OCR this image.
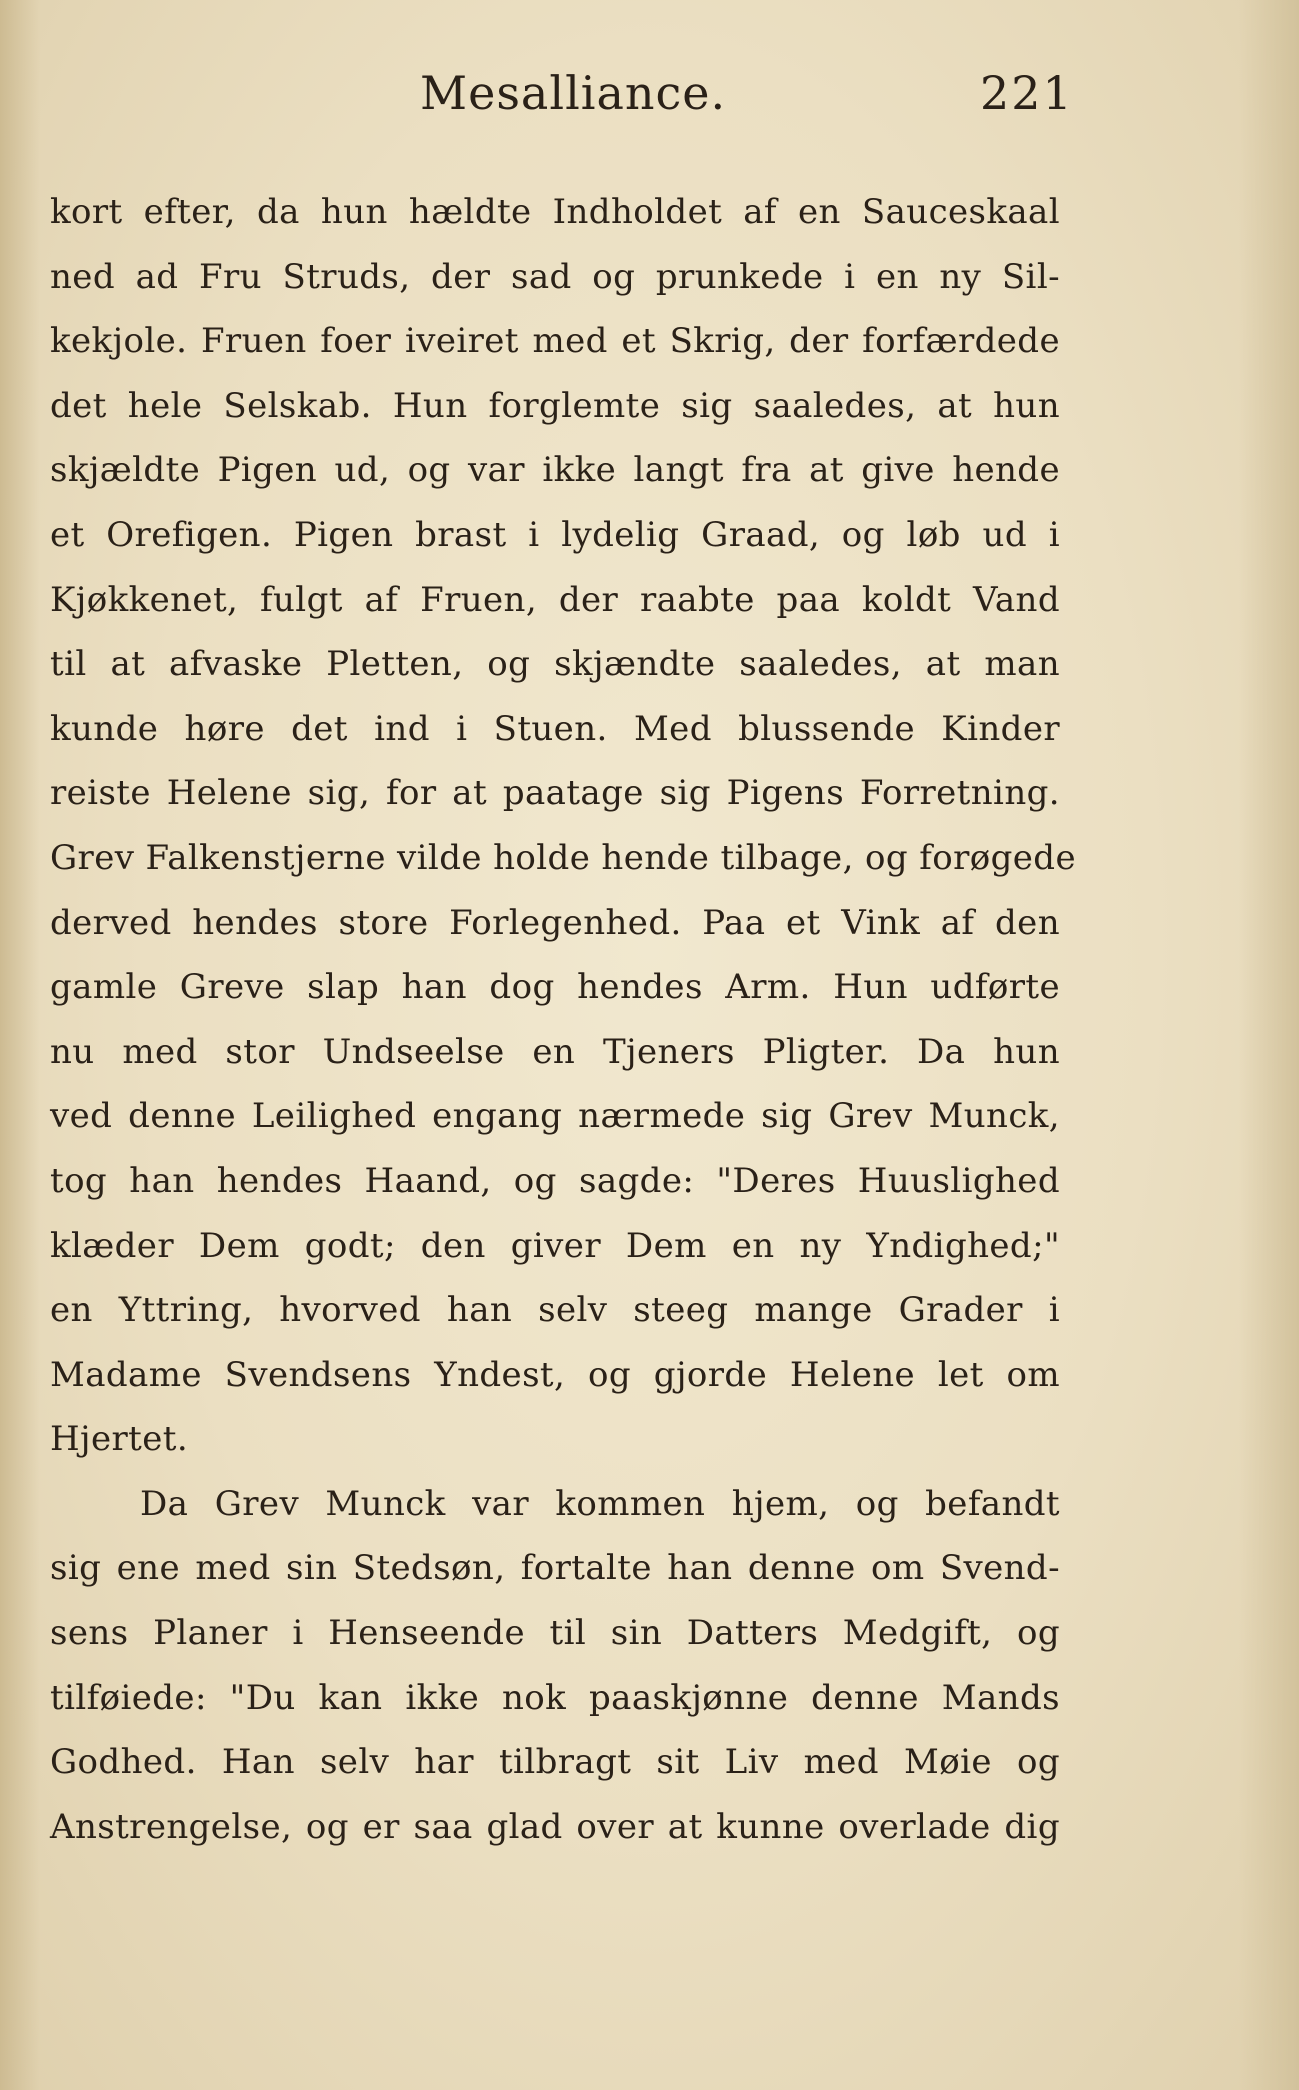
Mesalliance.	221
kort efter, da hun hældte Indholdet af en Sauceskaal
ned ad Fru Struds, der sad og prunkede i en ny Sil-
kekjole. Fruen foer iveiret med et Skrig, der forfærdede
det hele Selskab. Hun forglemte sig saaledes, at hun
skjældte Pigen ud, og var ikke langt fra at give hende
et Orefigen. Pigen brast i lydelig Graad, og løb ud i
Kjøkkenet, fulgt af Fruen, der raabte paa koldt Vand
til at afvaske Pletten, og skjændte saaledes, at man
kunde høre det ind i Stuen. Med blussende Kinder
reiste Helene sig, for at paatage sig Pigens Forretning.
Grev Falkenstjerne vilde holde hende tilbage, og forøgede
derved hendes store Forlegenhed. Paa et Vink af den
gamle Greve slap han dog hendes Arm. Hun udførte
nu med stor Undseelse en Tjeners Pligter. Da hun
ved denne Leilighed engang nærmede sig Grev Munck,
tog han hendes Haand, og sagde: "Deres Huuslighed
klæder Dem godt; den giver Dem en ny Yndighed;"
en Yttring, hvorved han selv steeg mange Grader i
Madame Svendsens Yndest, og gjorde Helene let om
Hjertet.
Da Grev Munck var kommen hjem, og befandt
sig ene med sin Stedsøn, fortalte han denne om Svend-
sens Planer i Henseende til sin Datters Medgift, og
tilføiede: "Du kan ikke nok paaskjønne denne Mands
Godhed. Han selv har tilbragt sit Liv med Møie og
Anstrengelse, og er saa glad over at kunne overlade dig
